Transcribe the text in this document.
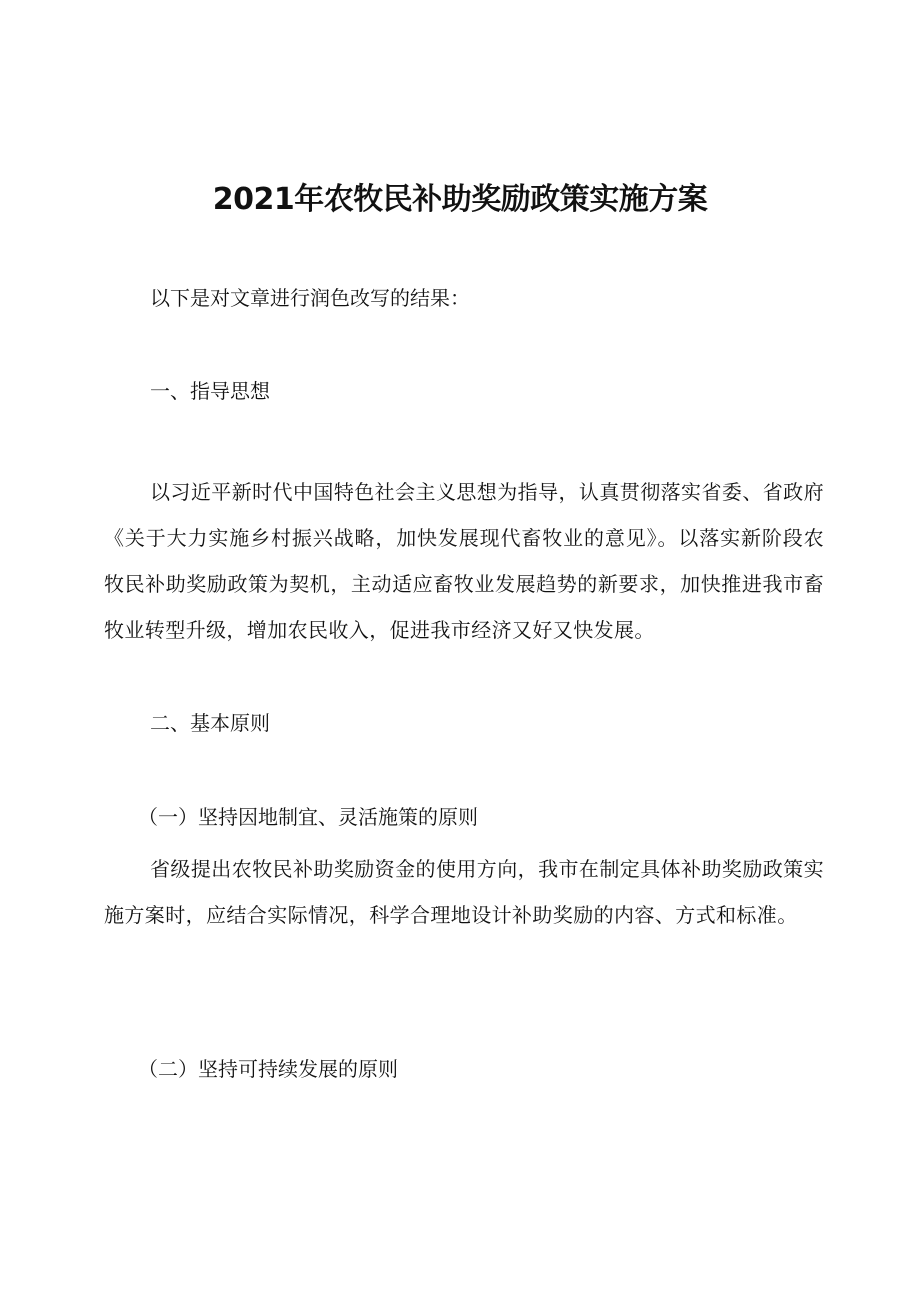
2021年农牧民补助奖励政策实施方案

以下是对文章进行润色改写的结果：

一、指导思想

以习近平新时代中国特色社会主义思想为指导，认真贯彻落实省委、省政府《关于大力实施乡村振兴战略，加快发展现代畜牧业的意见》。以落实新阶段农牧民补助奖励政策为契机，主动适应畜牧业发展趋势的新要求，加快推进我市畜牧业转型升级，增加农民收入，促进我市经济又好又快发展。

二、基本原则

（一）坚持因地制宜、灵活施策的原则

省级提出农牧民补助奖励资金的使用方向，我市在制定具体补助奖励政策实施方案时，应结合实际情况，科学合理地设计补助奖励的内容、方式和标准。

（二）坚持可持续发展的原则
